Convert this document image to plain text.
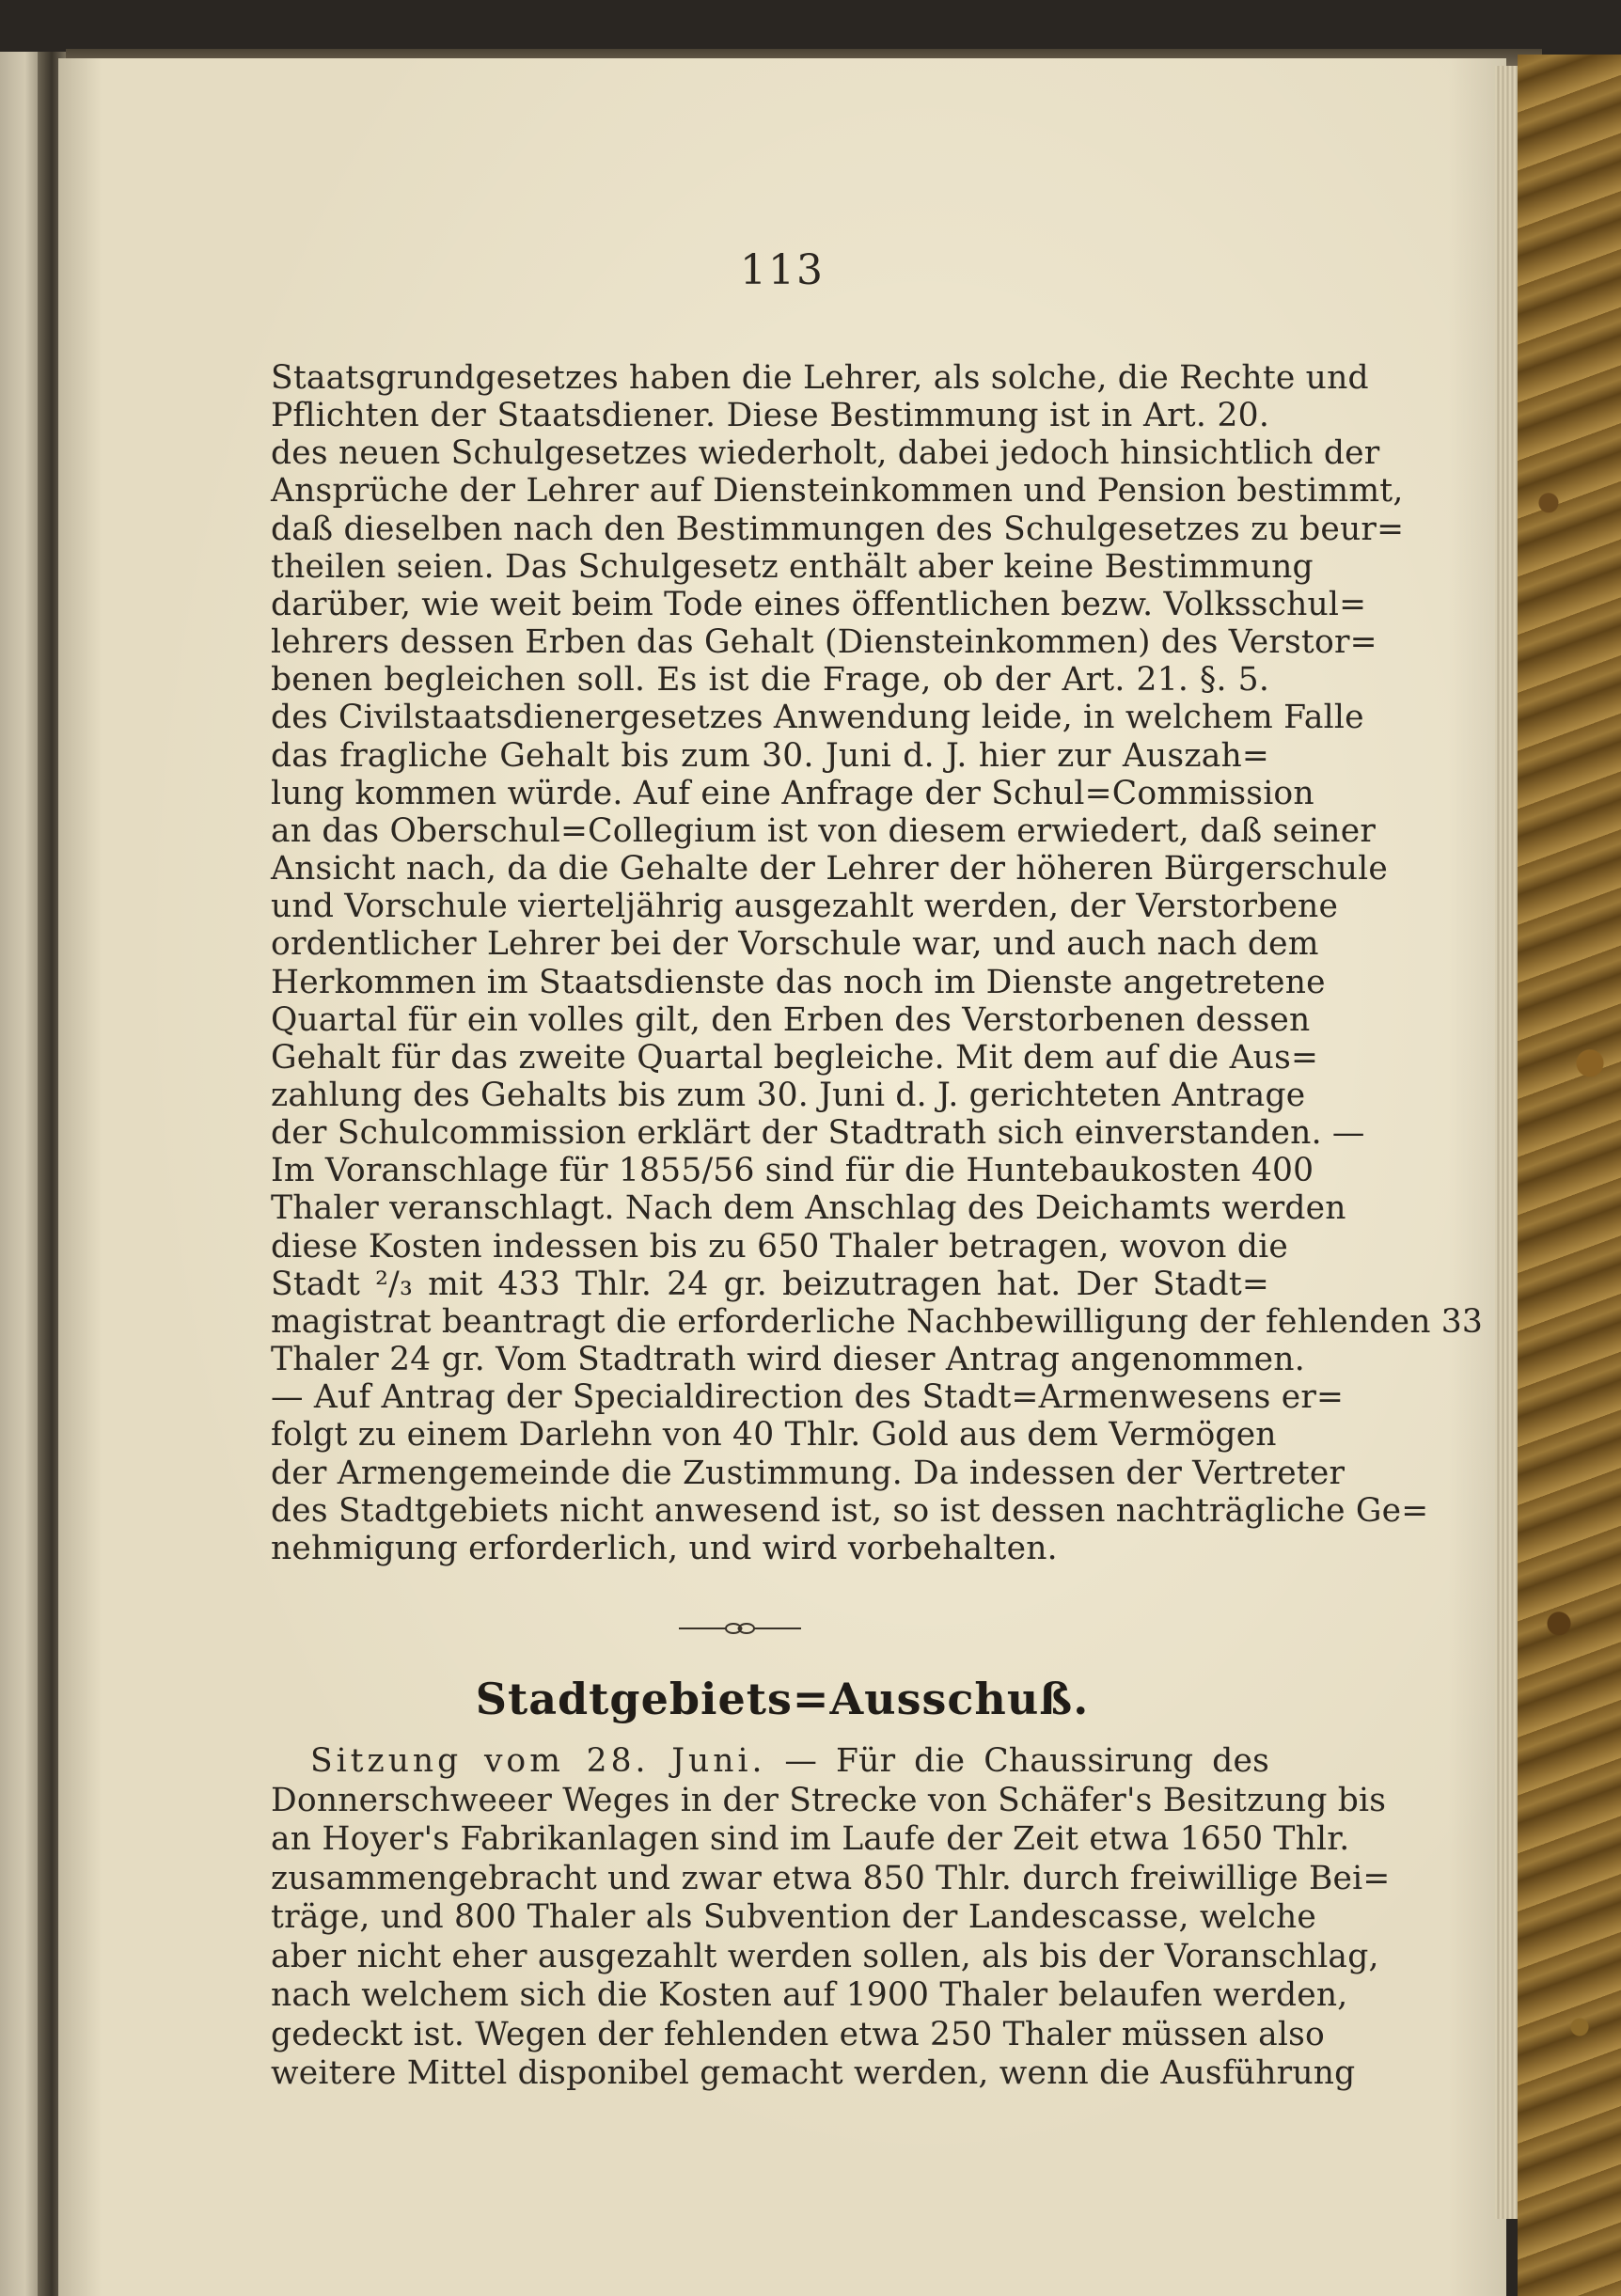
113
Staatsgrundgesetzes haben die Lehrer, als solche, die Rechte und
Pflichten der Staatsdiener. Diese Bestimmung ist in Art. 20.
des neuen Schulgesetzes wiederholt, dabei jedoch hinsichtlich der
Ansprüche der Lehrer auf Diensteinkommen und Pension bestimmt,
daß dieselben nach den Bestimmungen des Schulgesetzes zu beur=
theilen seien. Das Schulgesetz enthält aber keine Bestimmung
darüber, wie weit beim Tode eines öffentlichen bezw. Volksschul=
lehrers dessen Erben das Gehalt (Diensteinkommen) des Verstor=
benen begleichen soll. Es ist die Frage, ob der Art. 21. §. 5.
des Civilstaatsdienergesetzes Anwendung leide, in welchem Falle
das fragliche Gehalt bis zum 30. Juni d. J. hier zur Auszah=
lung kommen würde. Auf eine Anfrage der Schul=Commission
an das Oberschul=Collegium ist von diesem erwiedert, daß seiner
Ansicht nach, da die Gehalte der Lehrer der höheren Bürgerschule
und Vorschule vierteljährig ausgezahlt werden, der Verstorbene
ordentlicher Lehrer bei der Vorschule war, und auch nach dem
Herkommen im Staatsdienste das noch im Dienste angetretene
Quartal für ein volles gilt, den Erben des Verstorbenen dessen
Gehalt für das zweite Quartal begleiche. Mit dem auf die Aus=
zahlung des Gehalts bis zum 30. Juni d. J. gerichteten Antrage
der Schulcommission erklärt der Stadtrath sich einverstanden. —
Im Voranschlage für 1855/56 sind für die Huntebaukosten 400
Thaler veranschlagt. Nach dem Anschlag des Deichamts werden
diese Kosten indessen bis zu 650 Thaler betragen, wovon die
Stadt ²/₃ mit 433 Thlr. 24 gr. beizutragen hat. Der Stadt=
magistrat beantragt die erforderliche Nachbewilligung der fehlenden 33
Thaler 24 gr. Vom Stadtrath wird dieser Antrag angenommen.
— Auf Antrag der Specialdirection des Stadt=Armenwesens er=
folgt zu einem Darlehn von 40 Thlr. Gold aus dem Vermögen
der Armengemeinde die Zustimmung. Da indessen der Vertreter
des Stadtgebiets nicht anwesend ist, so ist dessen nachträgliche Ge=
nehmigung erforderlich, und wird vorbehalten.
Stadtgebiets=Ausschuß.
Sitzung vom 28. Juni. — Für die Chaussirung des
Donnerschweeer Weges in der Strecke von Schäfer's Besitzung bis
an Hoyer's Fabrikanlagen sind im Laufe der Zeit etwa 1650 Thlr.
zusammengebracht und zwar etwa 850 Thlr. durch freiwillige Bei=
träge, und 800 Thaler als Subvention der Landescasse, welche
aber nicht eher ausgezahlt werden sollen, als bis der Voranschlag,
nach welchem sich die Kosten auf 1900 Thaler belaufen werden,
gedeckt ist. Wegen der fehlenden etwa 250 Thaler müssen also
weitere Mittel disponibel gemacht werden, wenn die Ausführung
